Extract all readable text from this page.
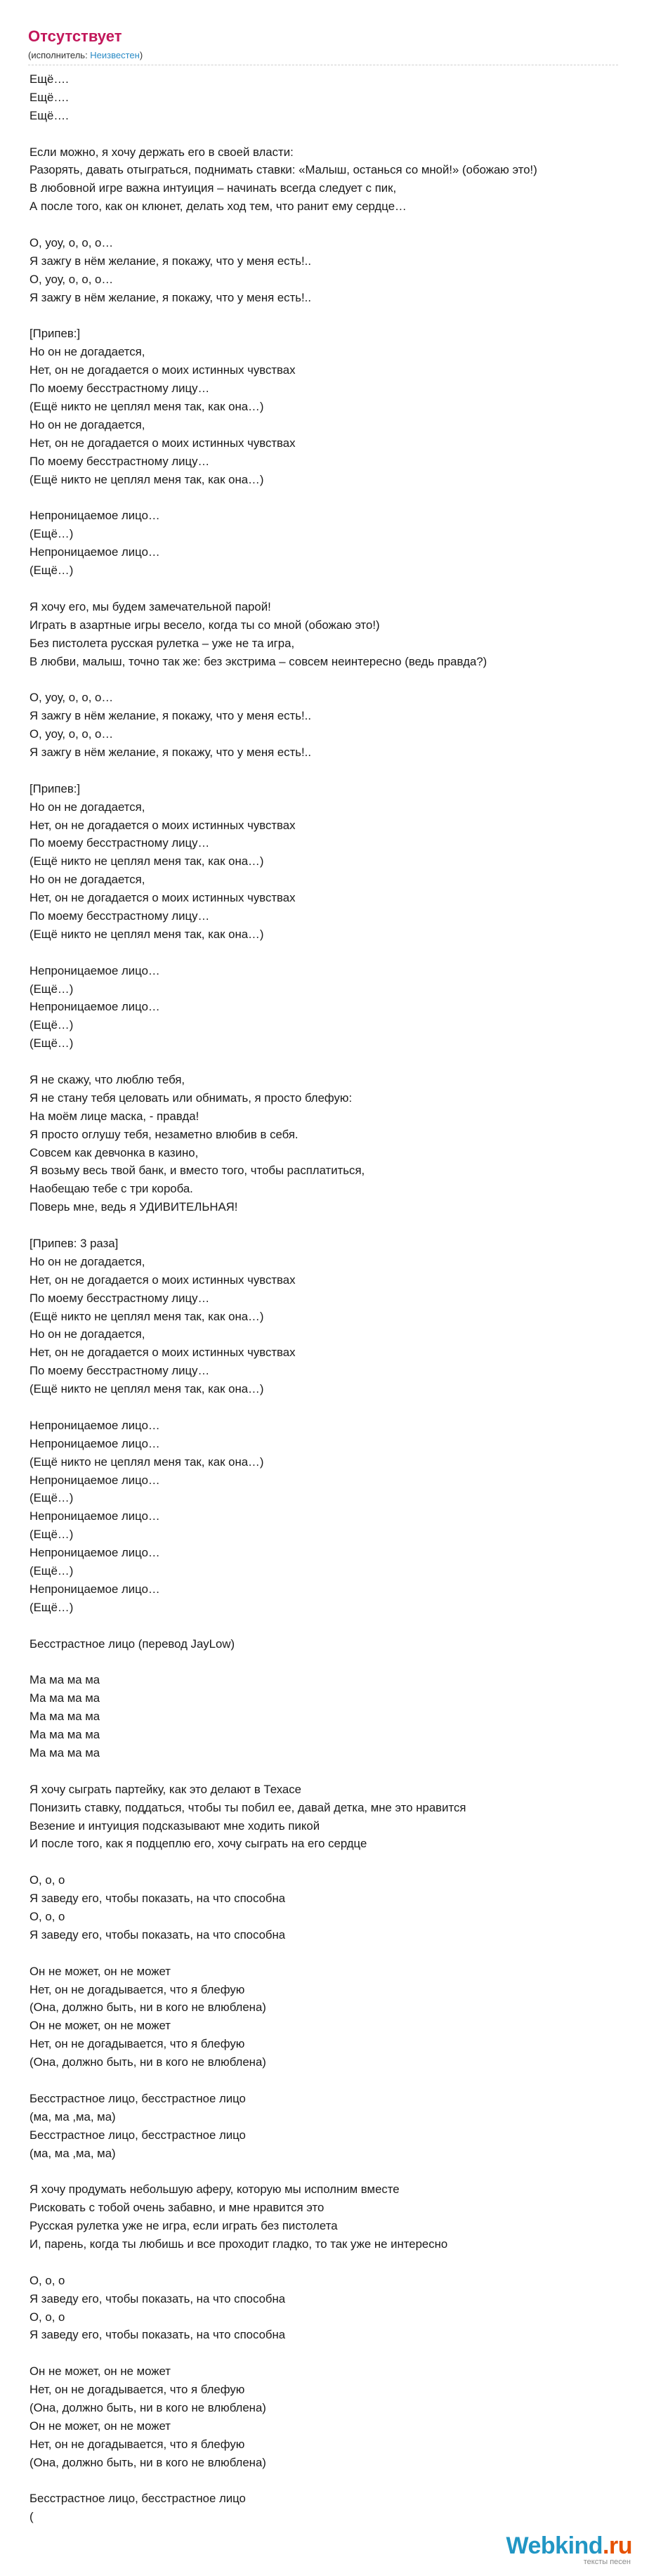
Отсутствует
(исполнитель: Неизвестен)
Ещё….
Ещё….
Ещё….
Если можно, я хочу держать его в своей власти:
Разорять, давать отыграться, поднимать ставки: «Малыш, останься со мной!» (обожаю это!)
В любовной игре важна интуиция – начинать всегда следует с пик,
А после того, как он клюнет, делать ход тем, что ранит ему сердце…
О, уоу, о, о, о…
Я зажгу в нём желание, я покажу, что у меня есть!..
О, уоу, о, о, о…
Я зажгу в нём желание, я покажу, что у меня есть!..
[Припев:]
Но он не догадается,
Нет, он не догадается о моих истинных чувствах
По моему бесстрастному лицу…
(Ещё никто не цеплял меня так, как она…)
Но он не догадается,
Нет, он не догадается о моих истинных чувствах
По моему бесстрастному лицу…
(Ещё никто не цеплял меня так, как она…)
Непроницаемое лицо…
(Ещё…)
Непроницаемое лицо…
(Ещё…)
Я хочу его, мы будем замечательной парой!
Играть в азартные игры весело, когда ты со мной (обожаю это!)
Без пистолета русская рулетка – уже не та игра,
В любви, малыш, точно так же: без экстрима – совсем неинтересно (ведь правда?)
О, уоу, о, о, о…
Я зажгу в нём желание, я покажу, что у меня есть!..
О, уоу, о, о, о…
Я зажгу в нём желание, я покажу, что у меня есть!..
[Припев:]
Но он не догадается,
Нет, он не догадается о моих истинных чувствах
По моему бесстрастному лицу…
(Ещё никто не цеплял меня так, как она…)
Но он не догадается,
Нет, он не догадается о моих истинных чувствах
По моему бесстрастному лицу…
(Ещё никто не цеплял меня так, как она…)
Непроницаемое лицо…
(Ещё…)
Непроницаемое лицо…
(Ещё…)
(Ещё…)
Я не скажу, что люблю тебя,
Я не стану тебя целовать или обнимать, я просто блефую:
На моём лице маска, - правда!
Я просто оглушу тебя, незаметно влюбив в себя.
Совсем как девчонка в казино,
Я возьму весь твой банк, и вместо того, чтобы расплатиться,
Наобещаю тебе с три короба.
Поверь мне, ведь я УДИВИТЕЛЬНАЯ!
[Припев: 3 раза]
Но он не догадается,
Нет, он не догадается о моих истинных чувствах
По моему бесстрастному лицу…
(Ещё никто не цеплял меня так, как она…)
Но он не догадается,
Нет, он не догадается о моих истинных чувствах
По моему бесстрастному лицу…
(Ещё никто не цеплял меня так, как она…)
Непроницаемое лицо…
Непроницаемое лицо…
(Ещё никто не цеплял меня так, как она…)
Непроницаемое лицо…
(Ещё…)
Непроницаемое лицо…
(Ещё…)
Непроницаемое лицо…
(Ещё…)
Непроницаемое лицо…
(Ещё…)
Бесстрастное лицо (перевод JayLow)
Ма ма ма ма
Ма ма ма ма
Ма ма ма ма
Ма ма ма ма
Ма ма ма ма
Я хочу сыграть партейку, как это делают в Техасе
Понизить ставку, поддаться, чтобы ты побил ее, давай детка, мне это нравится
Везение и интуиция подсказывают мне ходить пикой
И после того, как я подцеплю его, хочу сыграть на его сердце
О, о, о
Я заведу его, чтобы показать, на что способна
О, о, о
Я заведу его, чтобы показать, на что способна
Он не может, он не может
Нет, он не догадывается, что я блефую
(Она, должно быть, ни в кого не влюблена)
Он не может, он не может
Нет, он не догадывается, что я блефую
(Она, должно быть, ни в кого не влюблена)
Бесстрастное лицо, бесстрастное лицо
(ма, ма ,ма, ма)
Бесстрастное лицо, бесстрастное лицо
(ма, ма ,ма, ма)
Я хочу продумать небольшую аферу, которую мы исполним вместе
Рисковать с тобой очень забавно, и мне нравится это
Русская рулетка уже не игра, если играть без пистолета
И, парень, когда ты любишь и все проходит гладко, то так уже не интересно
О, о, о
Я заведу его, чтобы показать, на что способна
О, о, о
Я заведу его, чтобы показать, на что способна
Он не может, он не может
Нет, он не догадывается, что я блефую
(Она, должно быть, ни в кого не влюблена)
Он не может, он не может
Нет, он не догадывается, что я блефую
(Она, должно быть, ни в кого не влюблена)
Бесстрастное лицо, бесстрастное лицо
(
Webkind.ru
тексты песен
